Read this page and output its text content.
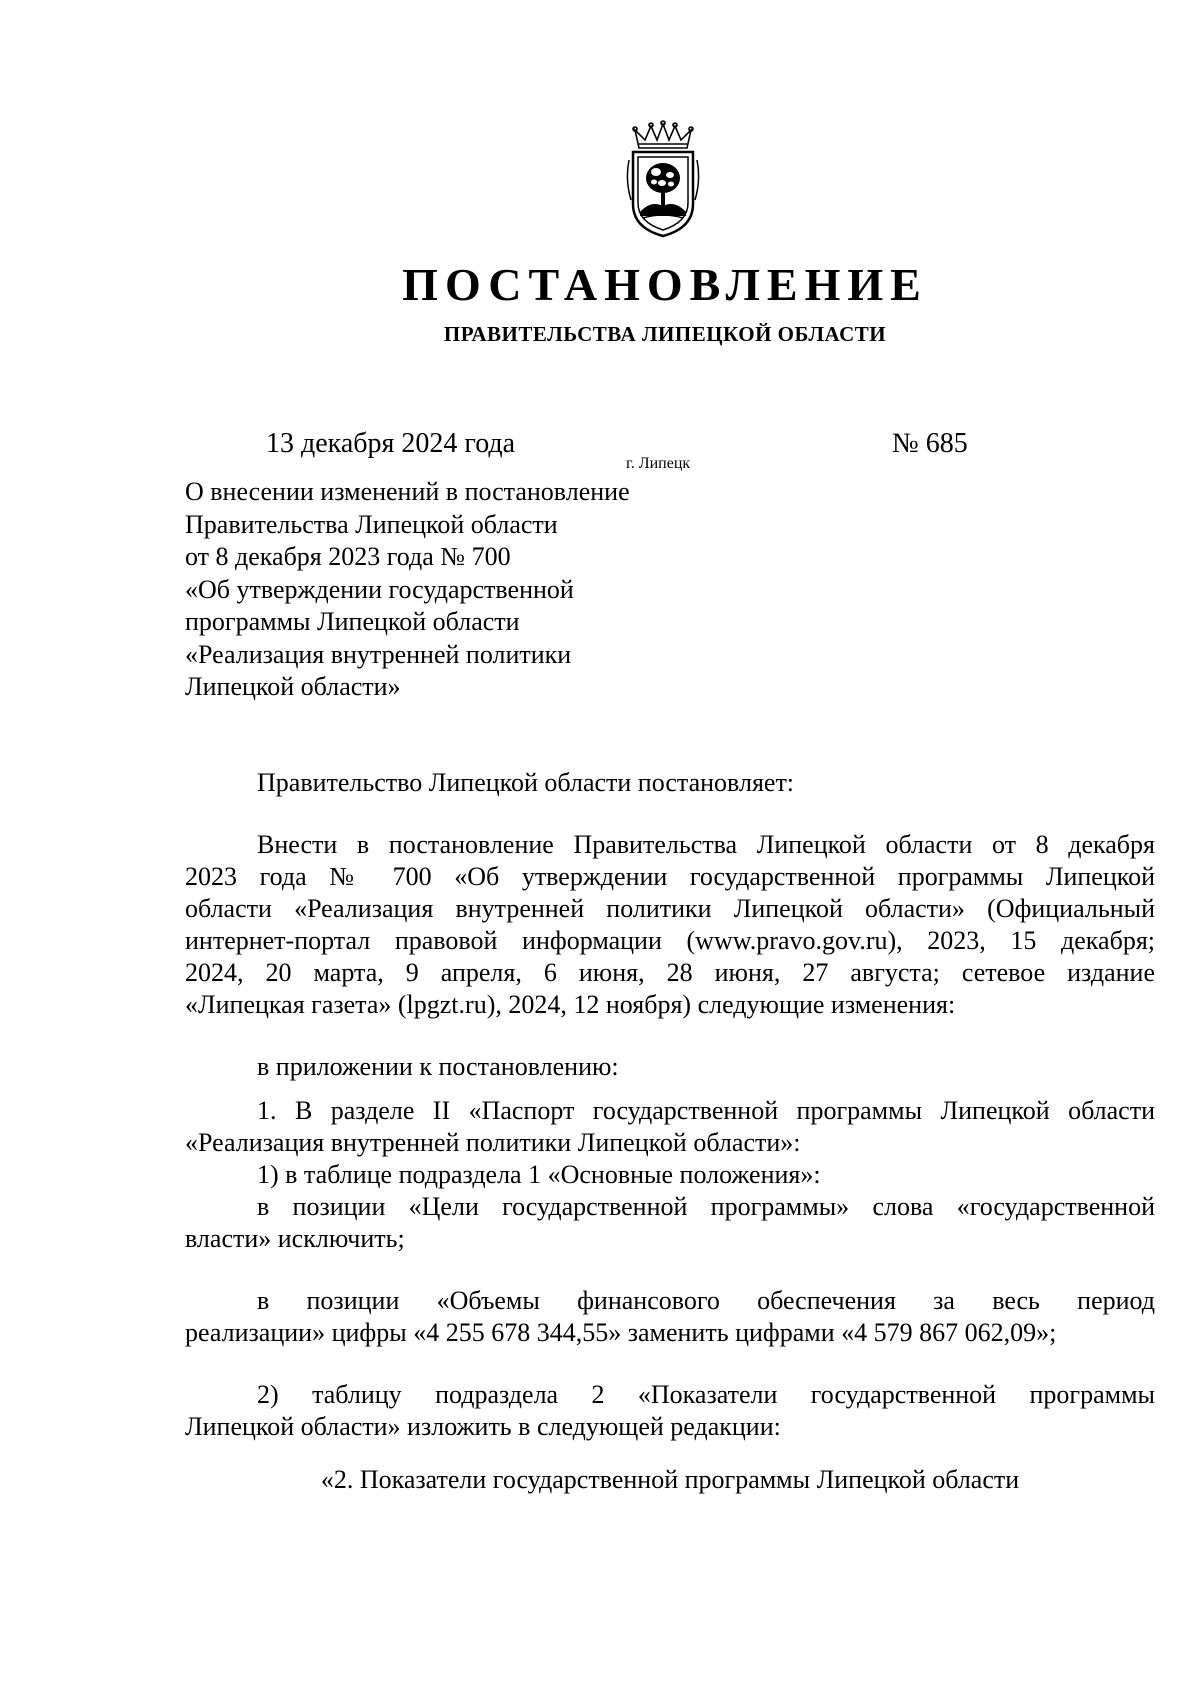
ПОСТАНОВЛЕНИЕ
ПРАВИТЕЛЬСТВА ЛИПЕЦКОЙ ОБЛАСТИ
13 декабря 2024 года
г. Липецк
№ 685
О внесении изменений в постановление
Правительства Липецкой области
от 8 декабря 2023 года № 700
«Об утверждении государственной
программы Липецкой области
«Реализация внутренней политики
Липецкой области»

Правительство Липецкой области постановляет:

Внести в постановление Правительства Липецкой области от 8 декабря
2023 года № 700 «Об утверждении государственной программы Липецкой
области «Реализация внутренней политики Липецкой области» (Официальный
интернет-портал правовой информации (www.pravo.gov.ru), 2023, 15 декабря;
2024, 20 марта, 9 апреля, 6 июня, 28 июня, 27 августа; сетевое издание
«Липецкая газета» (lpgzt.ru), 2024, 12 ноября) следующие изменения:

в приложении к постановлению:

1. В разделе II «Паспорт государственной программы Липецкой области
«Реализация внутренней политики Липецкой области»:

1) в таблице подраздела 1 «Основные положения»:

в позиции «Цели государственной программы» слова «государственной
власти» исключить;
в позиции «Объемы финансового обеспечения за весь период
реализации» цифры «4 255 678 344,55» заменить цифрами «4 579 867 062,09»;
2) таблицу подраздела 2 «Показатели государственной программы
Липецкой области» изложить в следующей редакции:
«2. Показатели государственной программы Липецкой области
